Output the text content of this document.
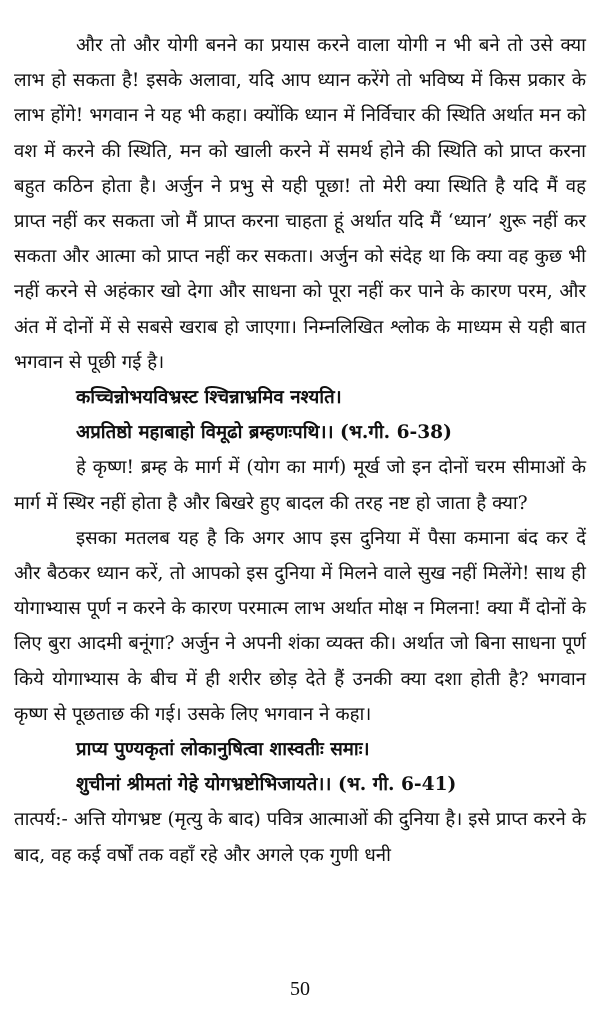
और तो और योगी बनने का प्रयास करने वाला योगी न भी बने तो उसे क्या लाभ हो सकता है! इसके अलावा, यदि आप ध्यान करेंगे तो भविष्य में किस प्रकार के लाभ होंगे! भगवान ने यह भी कहा। क्योंकि ध्यान में निर्विचार की स्थिति अर्थात मन को वश में करने की स्थिति, मन को खाली करने में समर्थ होने की स्थिति को प्राप्त करना बहुत कठिन होता है। अर्जुन ने प्रभु से यही पूछा! तो मेरी क्या स्थिति है यदि मैं वह प्राप्त नहीं कर सकता जो मैं प्राप्त करना चाहता हूं अर्थात यदि मैं ‘ध्यान’ शुरू नहीं कर सकता और आत्मा को प्राप्त नहीं कर सकता। अर्जुन को संदेह था कि क्या वह कुछ भी नहीं करने से अहंकार खो देगा और साधना को पूरा नहीं कर पाने के कारण परम, और अंत में दोनों में से सबसे खराब हो जाएगा। निम्नलिखित श्लोक के माध्यम से यही बात भगवान से पूछी गई है।

कच्चिन्नोभयविभ्रस्ट श्चिन्नाभ्रमिव नश्यति।

अप्रतिष्ठो महाबाहो विमूढो ब्रम्हणःपथि।। (भ.गी. 6-38)

हे कृष्ण! ब्रम्ह के मार्ग में (योग का मार्ग) मूर्ख जो इन दोनों चरम सीमाओं के मार्ग में स्थिर नहीं होता है और बिखरे हुए बादल की तरह नष्ट हो जाता है क्या?

इसका मतलब यह है कि अगर आप इस दुनिया में पैसा कमाना बंद कर दें और बैठकर ध्यान करें, तो आपको इस दुनिया में मिलने वाले सुख नहीं मिलेंगे! साथ ही योगाभ्यास पूर्ण न करने के कारण परमात्म लाभ अर्थात मोक्ष न मिलना! क्या मैं दोनों के लिए बुरा आदमी बनूंगा? अर्जुन ने अपनी शंका व्यक्त की। अर्थात जो बिना साधना पूर्ण किये योगाभ्यास के बीच में ही शरीर छोड़ देते हैं उनकी क्या दशा होती है? भगवान कृष्ण से पूछताछ की गई। उसके लिए भगवान ने कहा।

प्राप्य पुण्यकृतां लोकानुषित्वा शास्वतीः समाः।

शुचीनां श्रीमतां गेहे योगभ्रष्टोभिजायते।। (भ. गी. 6-41)

तात्पर्य:- अत्ति योगभ्रष्ट (मृत्यु के बाद) पवित्र आत्माओं की दुनिया है। इसे प्राप्त करने के बाद, वह कई वर्षों तक वहाँ रहे और अगले एक गुणी धनी

50
